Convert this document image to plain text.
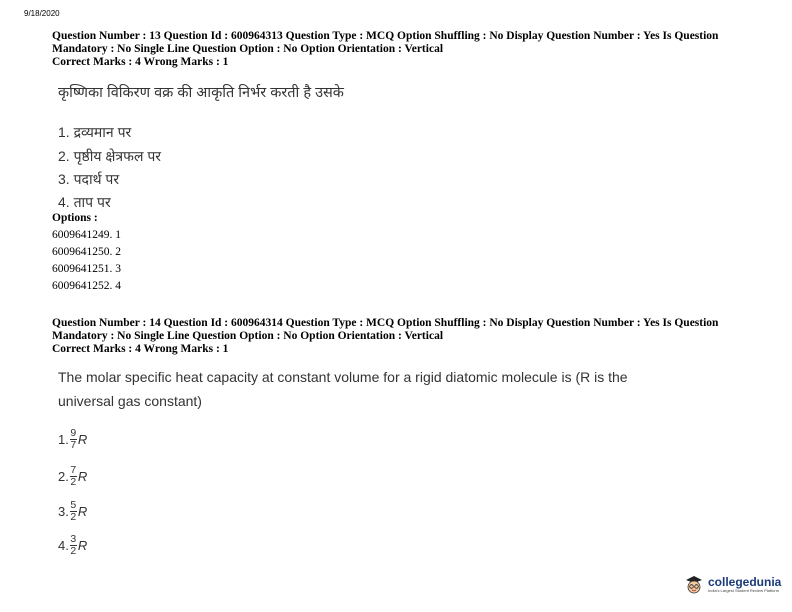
9/18/2020
Question Number : 13 Question Id : 600964313 Question Type : MCQ Option Shuffling : No Display Question Number : Yes Is Question
Mandatory : No Single Line Question Option : No Option Orientation : Vertical
Correct Marks : 4 Wrong Marks : 1
कृष्णिका विकिरण वक्र की आकृति निर्भर करती है उसके
1. द्रव्यमान पर
2. पृष्ठीय क्षेत्रफल पर
3. पदार्थ पर
4. ताप पर
Options :
6009641249. 1
6009641250. 2
6009641251. 3
6009641252. 4
Question Number : 14 Question Id : 600964314 Question Type : MCQ Option Shuffling : No Display Question Number : Yes Is Question
Mandatory : No Single Line Question Option : No Option Orientation : Vertical
Correct Marks : 4 Wrong Marks : 1
The molar specific heat capacity at constant volume for a rigid diatomic molecule is (R is the
universal gas constant)
1. $\frac{9}{7}$ R
2. $\frac{7}{2}$ R
3. $\frac{5}{2}$ R
4. $\frac{3}{2}$ R
collegedunia
India's Largest Student Review Platform
